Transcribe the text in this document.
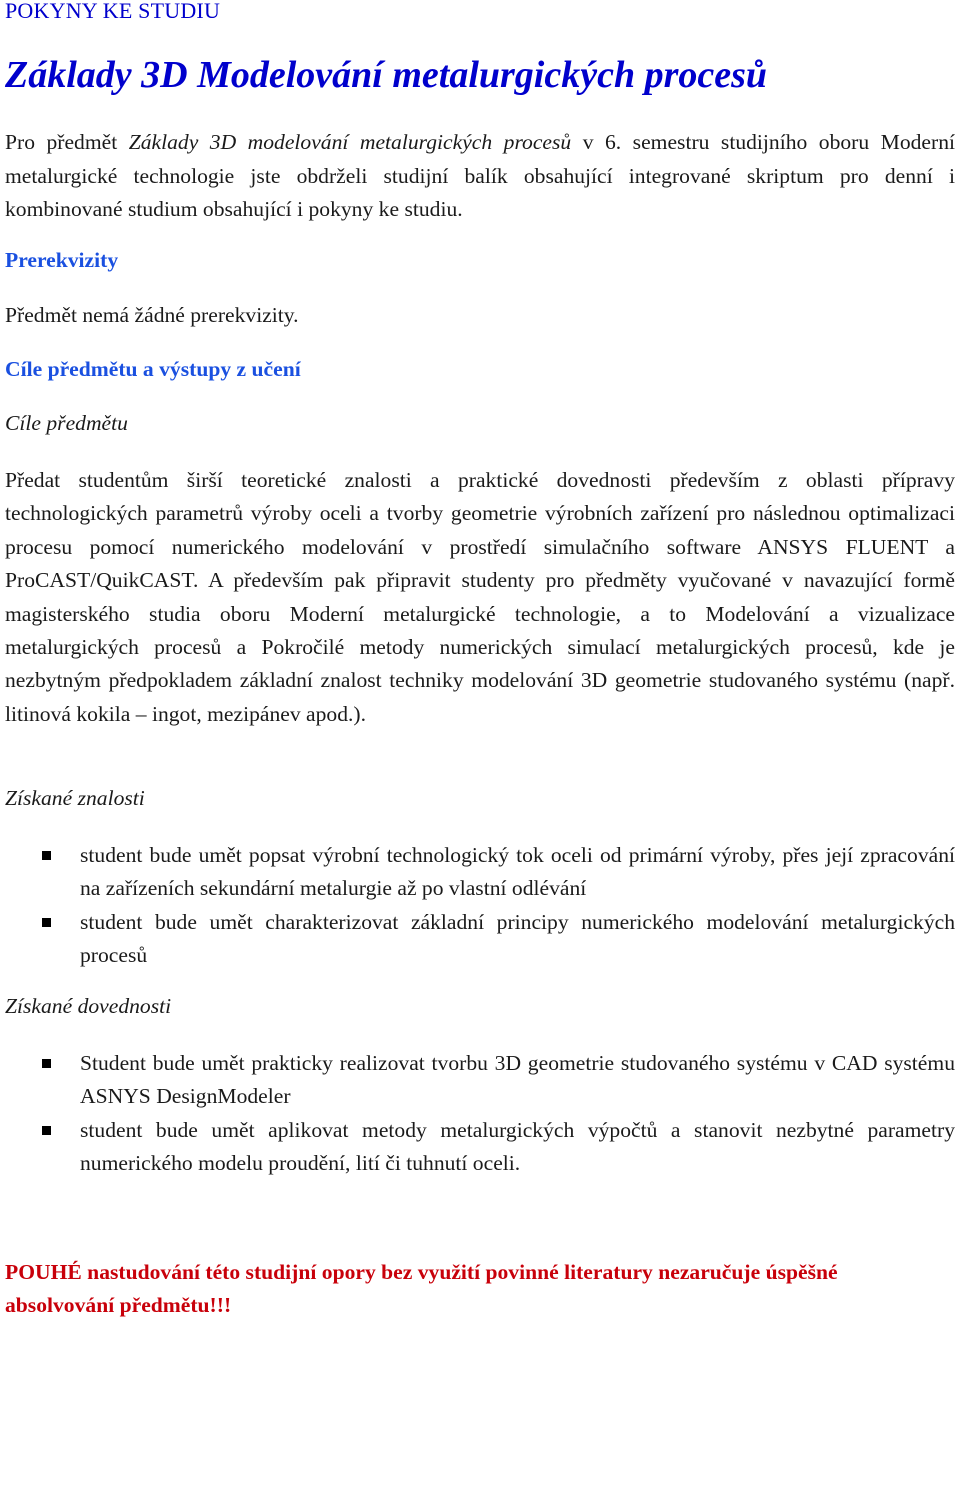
POKYNY KE STUDIU
Základy 3D Modelování metalurgických procesů
Pro předmět Základy 3D modelování metalurgických procesů v 6. semestru studijního oboru Moderní metalurgické technologie jste obdrželi studijní balík obsahující integrované skriptum pro denní i kombinované studium obsahující i pokyny ke studiu.
Prerekvizity
Předmět nemá žádné prerekvizity.
Cíle předmětu a výstupy z učení
Cíle předmětu
Předat studentům širší teoretické znalosti a praktické dovednosti především z oblasti přípravy technologických parametrů výroby oceli a tvorby geometrie výrobních zařízení pro následnou optimalizaci procesu pomocí numerického modelování v prostředí simulačního software ANSYS FLUENT a ProCAST/QuikCAST. A především pak připravit studenty pro předměty vyučované v navazující formě magisterského studia oboru Moderní metalurgické technologie, a to Modelování a vizualizace metalurgických procesů a Pokročilé metody numerických simulací metalurgických procesů, kde je nezbytným předpokladem základní znalost techniky modelování 3D geometrie studovaného systému (např. litinová kokila – ingot, mezipánev apod.).
Získané znalosti
student bude umět popsat výrobní technologický tok oceli od primární výroby, přes její zpracování na zařízeních sekundární metalurgie až po vlastní odlévání
student bude umět charakterizovat základní principy numerického modelování metalurgických procesů
Získané dovednosti
Student bude umět prakticky realizovat tvorbu 3D geometrie studovaného systému v CAD systému ASNYS DesignModeler
student bude umět aplikovat metody metalurgických výpočtů a stanovit nezbytné parametry numerického modelu proudění, lití či tuhnutí oceli.
POUHÉ nastudování této studijní opory bez využití povinné literatury nezaručuje úspěšné absolvování předmětu!!!
